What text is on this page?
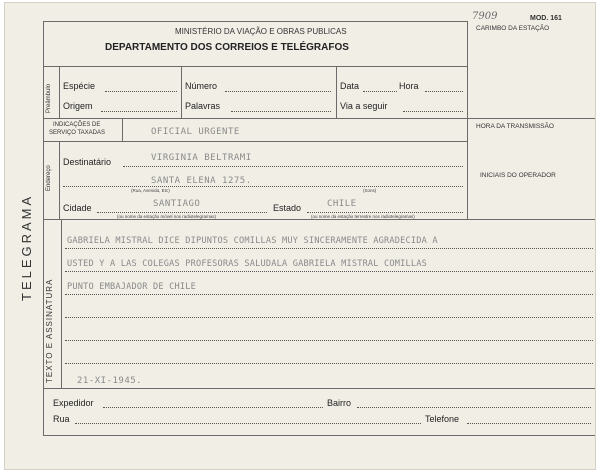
7909	MOD. 161
MINISTÉRIO DA VIAÇÃO E OBRAS PUBLICAS
DEPARTAMENTO DOS CORREIOS E TELÉGRAFOS
CARIMBO DA ESTAÇÃO
TELEGRAMA
Preâmbulo Espécie	Número	Data	Hora
Origem	Palavras	Via a seguir
INDICAÇÕES DE
SERVIÇO TAXADAS	OFICIAL URGENTE
HORA DA TRANSMISSÃO
INICIAIS DO OPERADOR
Endereço
Destinatário	VIRGINIA BELTRAMI
SANTA ELENA 1275.
(Rua, Avenida, Etc)	(Sons)
Cidade	SANTIAGO
(ou nome da estação móvel nos radiotelegramas)
Estado	CHILE
(ou nome da estação terrestre nos radiotelegramas)
TEXTO E ASSINATURA
GABRIELA MISTRAL DICE DIPUNTOS COMILLAS MUY SINCERAMENTE AGRADECIDA A
USTED Y A LAS COLEGAS PROFESORAS SALUDALA GABRIELA MISTRAL COMILLAS
PUNTO EMBAJADOR DE CHILE
21-XI-1945.
Expedidor	Bairro
Rua	Telefone
